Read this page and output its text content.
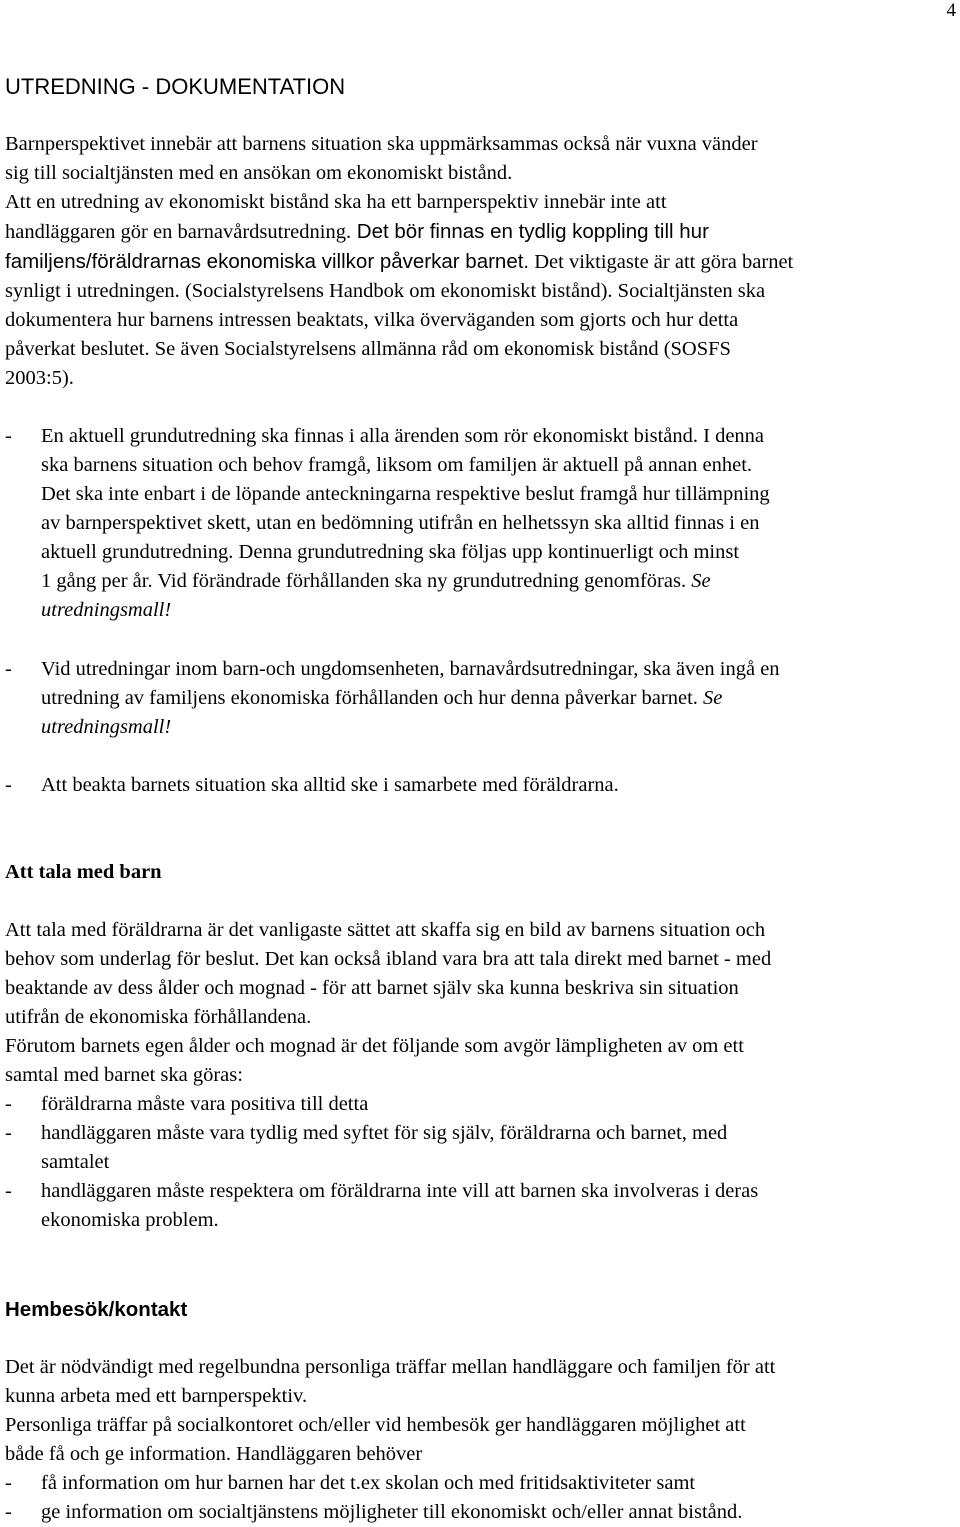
4
UTREDNING - DOKUMENTATION
Barnperspektivet innebär att barnens situation ska uppmärksammas också när vuxna vänder
sig till socialtjänsten med en ansökan om ekonomiskt bistånd.
Att en utredning av ekonomiskt bistånd ska ha ett barnperspektiv innebär inte att
handläggaren gör en barnavårdsutredning. Det bör finnas en tydlig koppling till hur
familjens/föräldrarnas ekonomiska villkor påverkar barnet. Det viktigaste är att göra barnet
synligt i utredningen. (Socialstyrelsens Handbok om ekonomiskt bistånd). Socialtjänsten ska
dokumentera hur barnens intressen beaktats, vilka överväganden som gjorts och hur detta
påverkat beslutet. Se även Socialstyrelsens allmänna råd om ekonomisk bistånd (SOSFS
2003:5).
- En aktuell grundutredning ska finnas i alla ärenden som rör ekonomiskt bistånd. I denna
ska barnens situation och behov framgå, liksom om familjen är aktuell på annan enhet.
Det ska inte enbart i de löpande anteckningarna respektive beslut framgå hur tillämpning
av barnperspektivet skett, utan en bedömning utifrån en helhetssyn ska alltid finnas i en
aktuell grundutredning. Denna grundutredning ska följas upp kontinuerligt och minst
1 gång per år. Vid förändrade förhållanden ska ny grundutredning genomföras. Se
utredningsmall!
- Vid utredningar inom barn-och ungdomsenheten, barnavårdsutredningar, ska även ingå en
utredning av familjens ekonomiska förhållanden och hur denna påverkar barnet. Se
utredningsmall!
- Att beakta barnets situation ska alltid ske i samarbete med föräldrarna.
Att tala med barn
Att tala med föräldrarna är det vanligaste sättet att skaffa sig en bild av barnens situation och
behov som underlag för beslut. Det kan också ibland vara bra att tala direkt med barnet - med
beaktande av dess ålder och mognad - för att barnet själv ska kunna beskriva sin situation
utifrån de ekonomiska förhållandena.
Förutom barnets egen ålder och mognad är det följande som avgör lämpligheten av om ett
samtal med barnet ska göras:
- föräldrarna måste vara positiva till detta
- handläggaren måste vara tydlig med syftet för sig själv, föräldrarna och barnet, med
samtalet
- handläggaren måste respektera om föräldrarna inte vill att barnen ska involveras i deras
ekonomiska problem.
Hembesök/kontakt
Det är nödvändigt med regelbundna personliga träffar mellan handläggare och familjen för att
kunna arbeta med ett barnperspektiv.
Personliga träffar på socialkontoret och/eller vid hembesök ger handläggaren möjlighet att
både få och ge information. Handläggaren behöver
- få information om hur barnen har det t.ex skolan och med fritidsaktiviteter samt
- ge information om socialtjänstens möjligheter till ekonomiskt och/eller annat bistånd.
